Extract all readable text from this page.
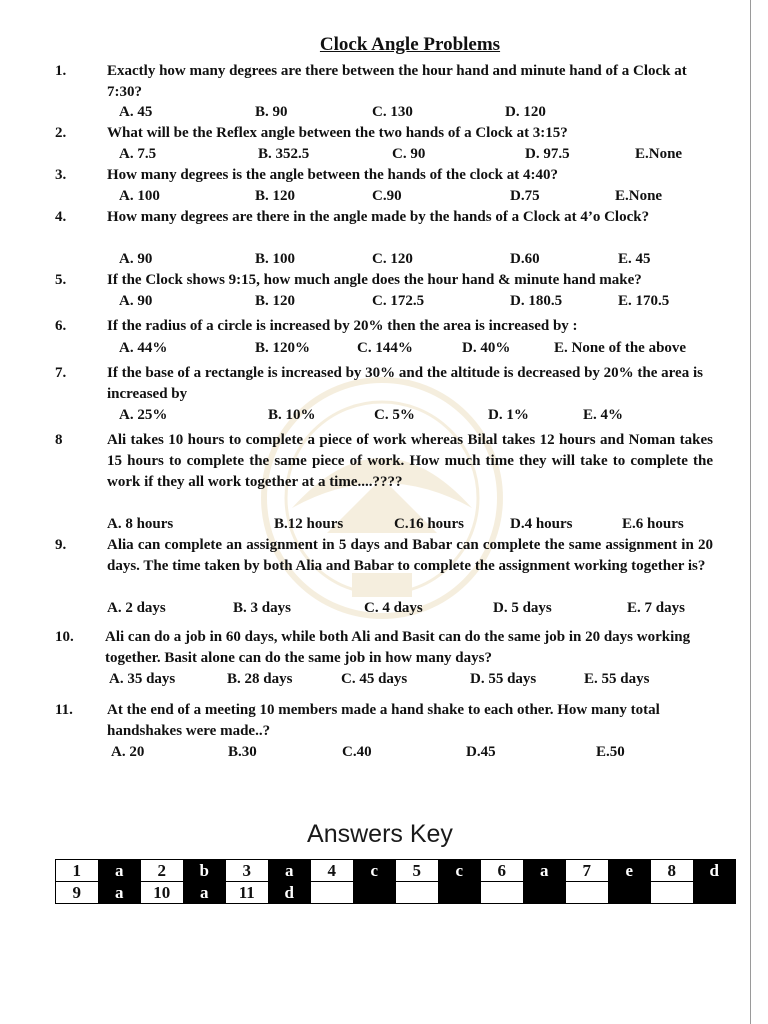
Clock Angle Problems
1.	Exactly how many degrees are there between the hour hand and minute hand of a Clock at 7:30?
A. 45	B. 90	C. 130	D. 120
2.	What will be the Reflex angle between the two hands of a Clock at 3:15?
A. 7.5	B. 352.5	C. 90	D. 97.5	E.None
3.	How many degrees is the angle between the hands of the clock at 4:40?
A. 100	B. 120	C.90	D.75	E.None
4.	How many degrees are there in the angle made by the hands of a Clock at 4’o Clock?
A. 90	B. 100	C. 120	D.60	E. 45
5.	If the Clock shows 9:15, how much angle does the hour hand & minute hand make?
A. 90	B. 120	C. 172.5	D. 180.5	E. 170.5
6.	If the radius of a circle is increased by 20% then the area is increased by :
A. 44%	B. 120%	C. 144%	D. 40%	E. None of the above
7.	If the base of a rectangle is increased by 30% and the altitude is decreased by 20% the area is increased by
A. 25%	B. 10%	C. 5%	D. 1%	E. 4%
8	Ali takes 10 hours to complete a piece of work whereas Bilal takes 12 hours and Noman takes 15 hours to complete the same piece of work. How much time they will take to complete the work if they all work together at a time....????
A. 8 hours	B.12 hours	C.16 hours	D.4 hours	E.6 hours
9.	Alia can complete an assignment in 5 days and Babar can complete the same assignment in 20 days. The time taken by both Alia and Babar to complete the assignment working together is?
A. 2 days	B. 3 days	C. 4 days	D. 5 days	E. 7 days
10. Ali can do a job in 60 days, while both Ali and Basit can do the same job in 20 days working together. Basit alone can do the same job in how many days?
A. 35 days	B. 28 days	C. 45 days	D. 55 days	E. 55 days
11. At the end of a meeting 10 members made a hand shake to each other. How many total handshakes were made..?
A. 20	B.30	C.40	D.45	E.50
Answers Key
1	a	2	b	3	a	4	c	5	c	6	a	7	e	8	d
9	a	10	a	11	d										
